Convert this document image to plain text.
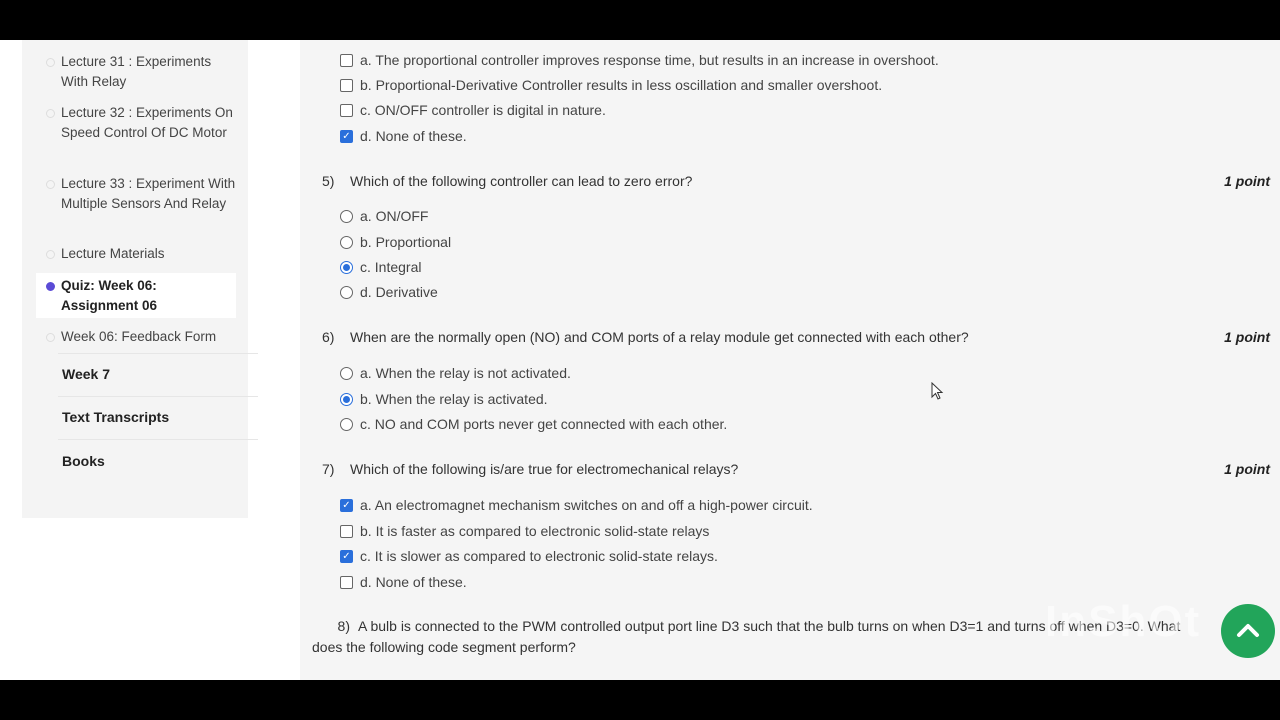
Lecture 31 : Experiments With Relay
Lecture 32 : Experiments On Speed Control Of DC Motor
Lecture 33 : Experiment With Multiple Sensors And Relay
Lecture Materials
Quiz: Week 06: Assignment 06
Week 06: Feedback Form
Week 7
Text Transcripts
Books
a. The proportional controller improves response time, but results in an increase in overshoot.
b. Proportional-Derivative Controller results in less oscillation and smaller overshoot.
c. ON/OFF controller is digital in nature.
✓ d. None of these.
5) Which of the following controller can lead to zero error?	1 point
a. ON/OFF
b. Proportional
c. Integral
d. Derivative
6) When are the normally open (NO) and COM ports of a relay module get connected with each other?	1 point
a. When the relay is not activated.
b. When the relay is activated.
c. NO and COM ports never get connected with each other.
7) Which of the following is/are true for electromechanical relays?	1 point
✓ a. An electromagnet mechanism switches on and off a high-power circuit.
b. It is faster as compared to electronic solid-state relays
✓ c. It is slower as compared to electronic solid-state relays.
d. None of these.
8) A bulb is connected to the PWM controlled output port line D3 such that the bulb turns on when D3=1 and turns off when D3=0. What does the following code segment perform?
InShOt
